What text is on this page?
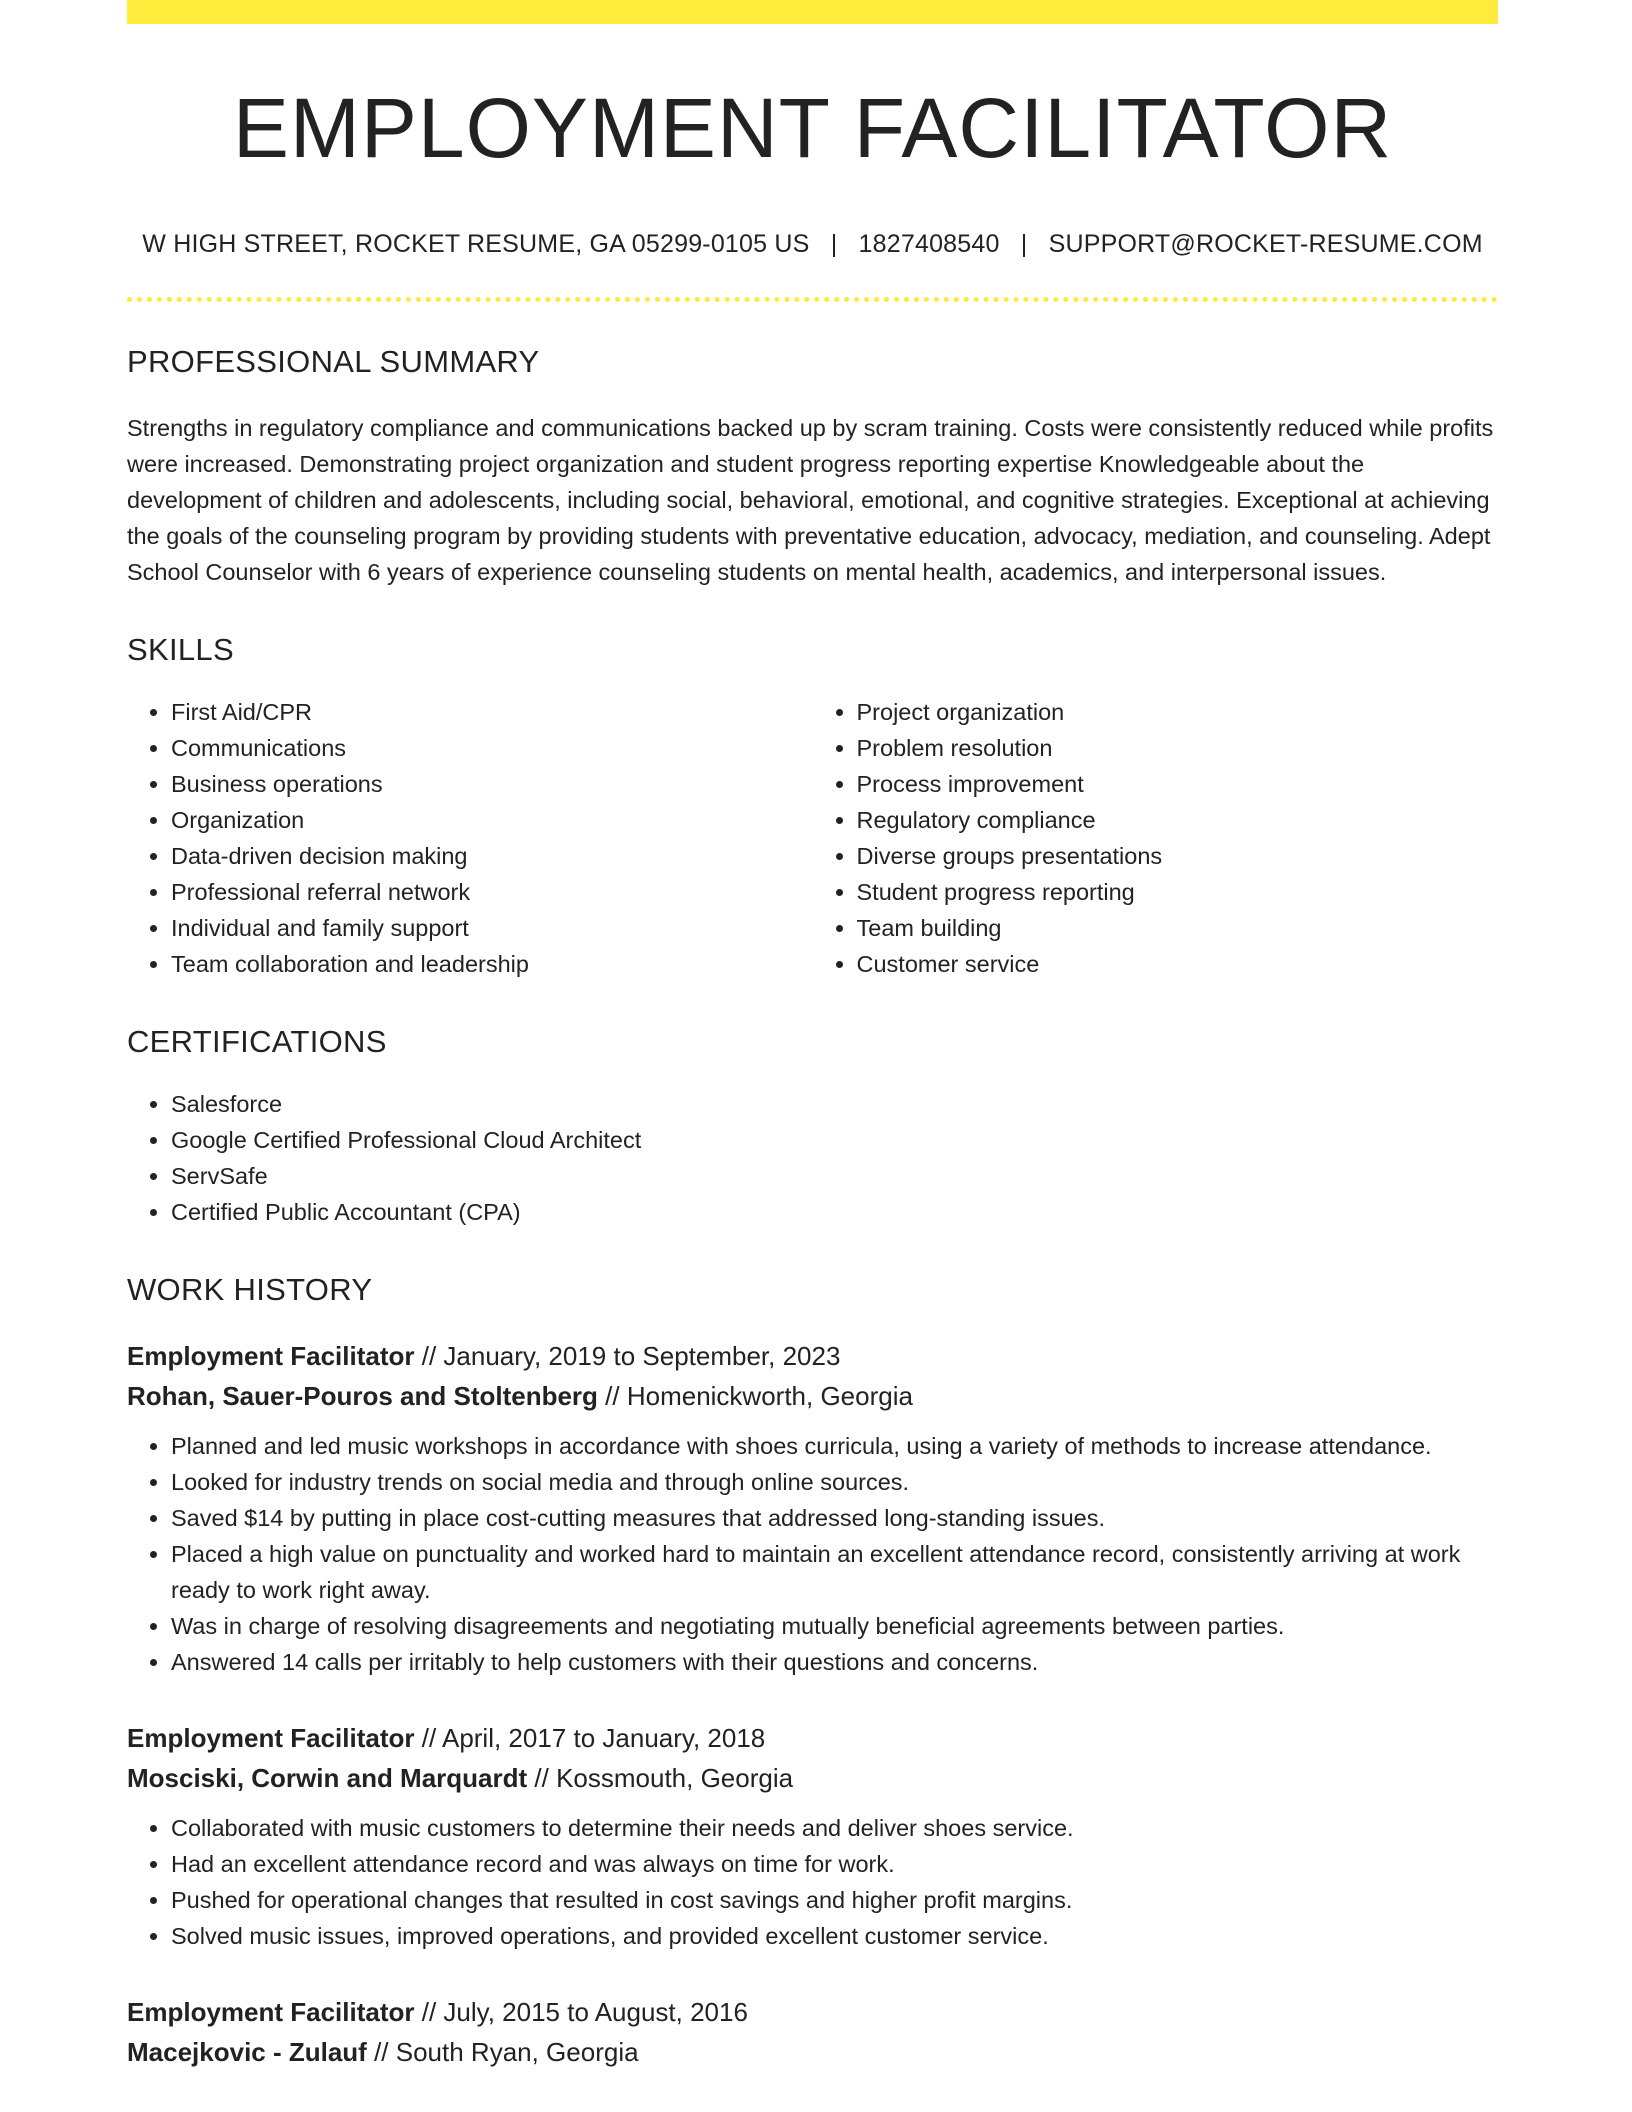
EMPLOYMENT FACILITATOR
W HIGH STREET, ROCKET RESUME, GA 05299-0105 US | 1827408540 | SUPPORT@ROCKET-RESUME.COM
PROFESSIONAL SUMMARY

Strengths in regulatory compliance and communications backed up by scram training. Costs were consistently reduced while profits were increased. Demonstrating project organization and student progress reporting expertise Knowledgeable about the development of children and adolescents, including social, behavioral, emotional, and cognitive strategies. Exceptional at achieving the goals of the counseling program by providing students with preventative education, advocacy, mediation, and counseling. Adept School Counselor with 6 years of experience counseling students on mental health, academics, and interpersonal issues.

SKILLS
• First Aid/CPR
• Communications
• Business operations
• Organization
• Data-driven decision making
• Professional referral network
• Individual and family support
• Team collaboration and leadership
• Project organization
• Problem resolution
• Process improvement
• Regulatory compliance
• Diverse groups presentations
• Student progress reporting
• Team building
• Customer service
CERTIFICATIONS
• Salesforce
• Google Certified Professional Cloud Architect
• ServSafe
• Certified Public Accountant (CPA)
WORK HISTORY
Employment Facilitator // January, 2019 to September, 2023
Rohan, Sauer-Pouros and Stoltenberg // Homenickworth, Georgia
• Planned and led music workshops in accordance with shoes curricula, using a variety of methods to increase attendance.
• Looked for industry trends on social media and through online sources.
• Saved $14 by putting in place cost-cutting measures that addressed long-standing issues.
• Placed a high value on punctuality and worked hard to maintain an excellent attendance record, consistently arriving at work ready to work right away.
• Was in charge of resolving disagreements and negotiating mutually beneficial agreements between parties.
• Answered 14 calls per irritably to help customers with their questions and concerns.
Employment Facilitator // April, 2017 to January, 2018
Mosciski, Corwin and Marquardt // Kossmouth, Georgia
• Collaborated with music customers to determine their needs and deliver shoes service.
• Had an excellent attendance record and was always on time for work.
• Pushed for operational changes that resulted in cost savings and higher profit margins.
• Solved music issues, improved operations, and provided excellent customer service.
Employment Facilitator // July, 2015 to August, 2016
Macejkovic - Zulauf // South Ryan, Georgia
